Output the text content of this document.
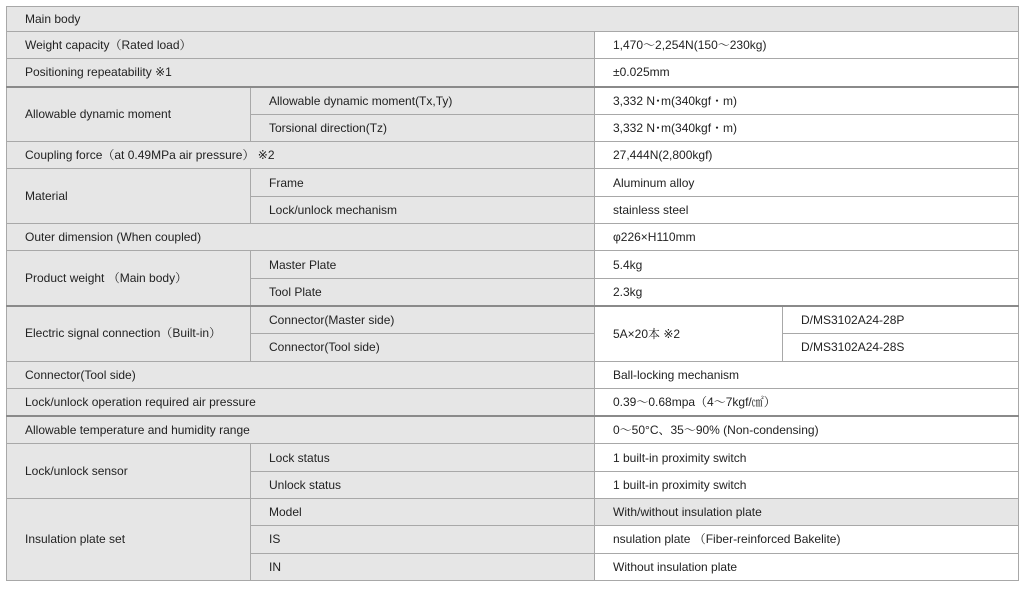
Main body			
Weight capacity（Rated load）		1,470～2,254N(150～230kg)	
Positioning repeatability ※1		±0.025mm	
Allowable dynamic moment	Allowable dynamic moment(Tx,Ty)	3,332 N･m(340kgf・m)	
	Torsional direction(Tz)	3,332 N･m(340kgf・m)	
Coupling force（at 0.49MPa air pressure） ※2		27,444N(2,800kgf)	
Material	Frame	Aluminum alloy	
	Lock/unlock mechanism	stainless steel	
Outer dimension (When coupled)		φ226×H110mm	
Product weight （Main body）	Master Plate	5.4kg	
	Tool Plate	2.3kg	
Electric signal connection（Built-in）	Connector(Master side)	5A×20本 ※2	D/MS3102A24-28P
	Connector(Tool side)		D/MS3102A24-28S
Connector(Tool side)		Ball-locking mechanism	
Lock/unlock operation required air pressure		0.39～0.68mpa（4～7kgf/㎠）	
Allowable temperature and humidity range		0～50°C、35～90% (Non-condensing)	
Lock/unlock sensor	Lock status	1 built-in proximity switch	
	Unlock status	1 built-in proximity switch	
Insulation plate set	Model	With/without insulation plate	
	IS	nsulation plate （Fiber-reinforced Bakelite)	
	IN	Without insulation plate	
